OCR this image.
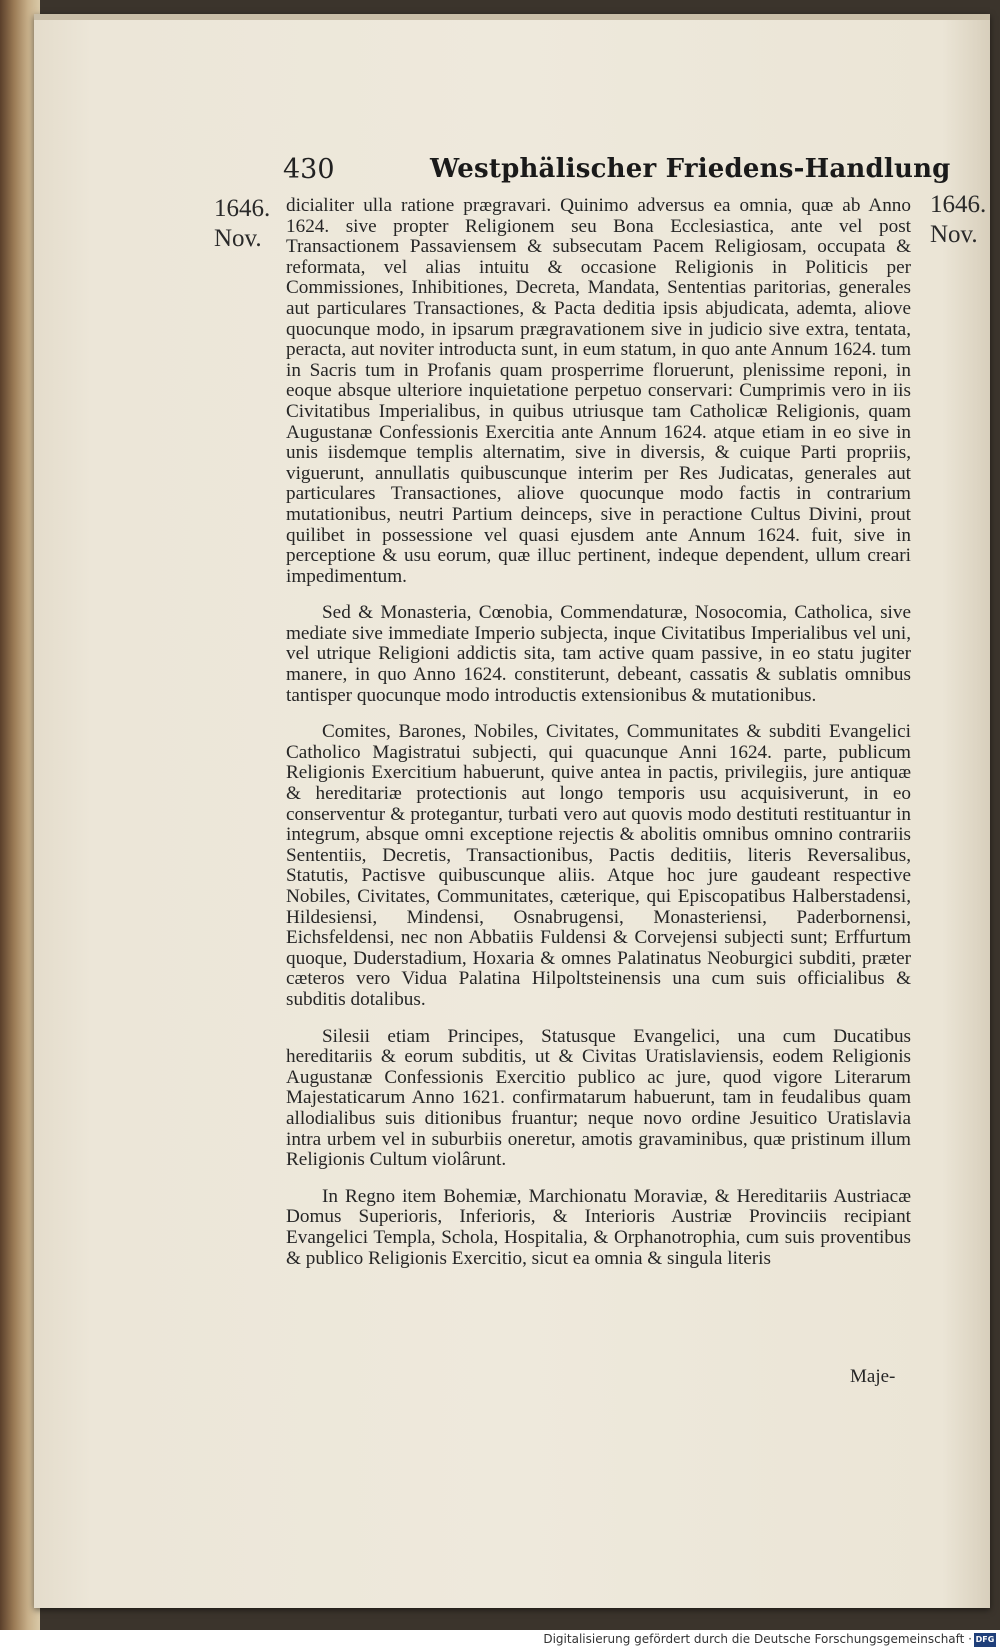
430	Westphälischer Friedens-Handlung
1646.
Nov.
1646.
Nov.

dicialiter ulla ratione prægravari. Quinimo adversus ea omnia, quæ ab Anno 1624. sive propter Religionem seu Bona Ecclesiastica, ante vel post Transactionem Passaviensem & subsecutam Pacem Religiosam, occupata & reformata, vel alias intuitu & occasione Religionis in Politicis per Commissiones, Inhibitiones, Decreta, Mandata, Sententias paritorias, generales aut particulares Transactiones, & Pacta deditia ipsis abjudicata, ademta, aliove quocunque modo, in ipsarum prægravationem sive in judicio sive extra, tentata, peracta, aut noviter introducta sunt, in eum statum, in quo ante Annum 1624. tum in Sacris tum in Profanis quam prosperrime floruerunt, plenissime reponi, in eoque absque ulteriore inquietatione perpetuo conservari: Cumprimis vero in iis Civitatibus Imperialibus, in quibus utriusque tam Catholicæ Religionis, quam Augustanæ Confessionis Exercitia ante Annum 1624. atque etiam in eo sive in unis iisdemque templis alternatim, sive in diversis, & cuique Parti propriis, viguerunt, annullatis quibuscunque interim per Res Judicatas, generales aut particulares Transactiones, aliove quocunque modo factis in contrarium mutationibus, neutri Partium deinceps, sive in peractione Cultus Divini, prout quilibet in possessione vel quasi ejusdem ante Annum 1624. fuit, sive in perceptione & usu eorum, quæ illuc pertinent, indeque dependent, ullum creari impedimentum.

Sed & Monasteria, Cœnobia, Commendaturæ, Nosocomia, Catholica, sive mediate sive immediate Imperio subjecta, inque Civitatibus Imperialibus vel uni, vel utrique Religioni addictis sita, tam active quam passive, in eo statu jugiter manere, in quo Anno 1624. constiterunt, debeant, cassatis & sublatis omnibus tantisper quocunque modo introductis extensionibus & mutationibus.

Comites, Barones, Nobiles, Civitates, Communitates & subditi Evangelici Catholico Magistratui subjecti, qui quacunque Anni 1624. parte, publicum Religionis Exercitium habuerunt, quive antea in pactis, privilegiis, jure antiquæ & hereditariæ protectionis aut longo temporis usu acquisiverunt, in eo conserventur & protegantur, turbati vero aut quovis modo destituti restituantur in integrum, absque omni exceptione rejectis & abolitis omnibus omnino contrariis Sententiis, Decretis, Transactionibus, Pactis deditiis, literis Reversalibus, Statutis, Pactisve quibuscunque aliis. Atque hoc jure gaudeant respective Nobiles, Civitates, Communitates, cæterique, qui Episcopatibus Halberstadensi, Hildesiensi, Mindensi, Osnabrugensi, Monasteriensi, Paderbornensi, Eichsfeldensi, nec non Abbatiis Fuldensi & Corvejensi subjecti sunt; Erffurtum quoque, Duderstadium, Hoxaria & omnes Palatinatus Neoburgici subditi, præter cæteros vero Vidua Palatina Hilpoltsteinensis una cum suis officialibus & subditis dotalibus.

Silesii etiam Principes, Statusque Evangelici, una cum Ducatibus hereditariis & eorum subditis, ut & Civitas Uratislaviensis, eodem Religionis Augustanæ Confessionis Exercitio publico ac jure, quod vigore Literarum Majestaticarum Anno 1621. confirmatarum habuerunt, tam in feudalibus quam allodialibus suis ditionibus fruantur; neque novo ordine Jesuitico Uratislavia intra urbem vel in suburbiis oneretur, amotis gravaminibus, quæ pristinum illum Religionis Cultum violârunt.

In Regno item Bohemiæ, Marchionatu Moraviæ, & Hereditariis Austriacæ Domus Superioris, Inferioris, & Interioris Austriæ Provinciis recipiant Evangelici Templa, Schola, Hospitalia, & Orphanotrophia, cum suis proventibus & publico Religionis Exercitio, sicut ea omnia & singula literis

Maje-
Digitalisierung gefördert durch die Deutsche Forschungsgemeinschaft · DFG
